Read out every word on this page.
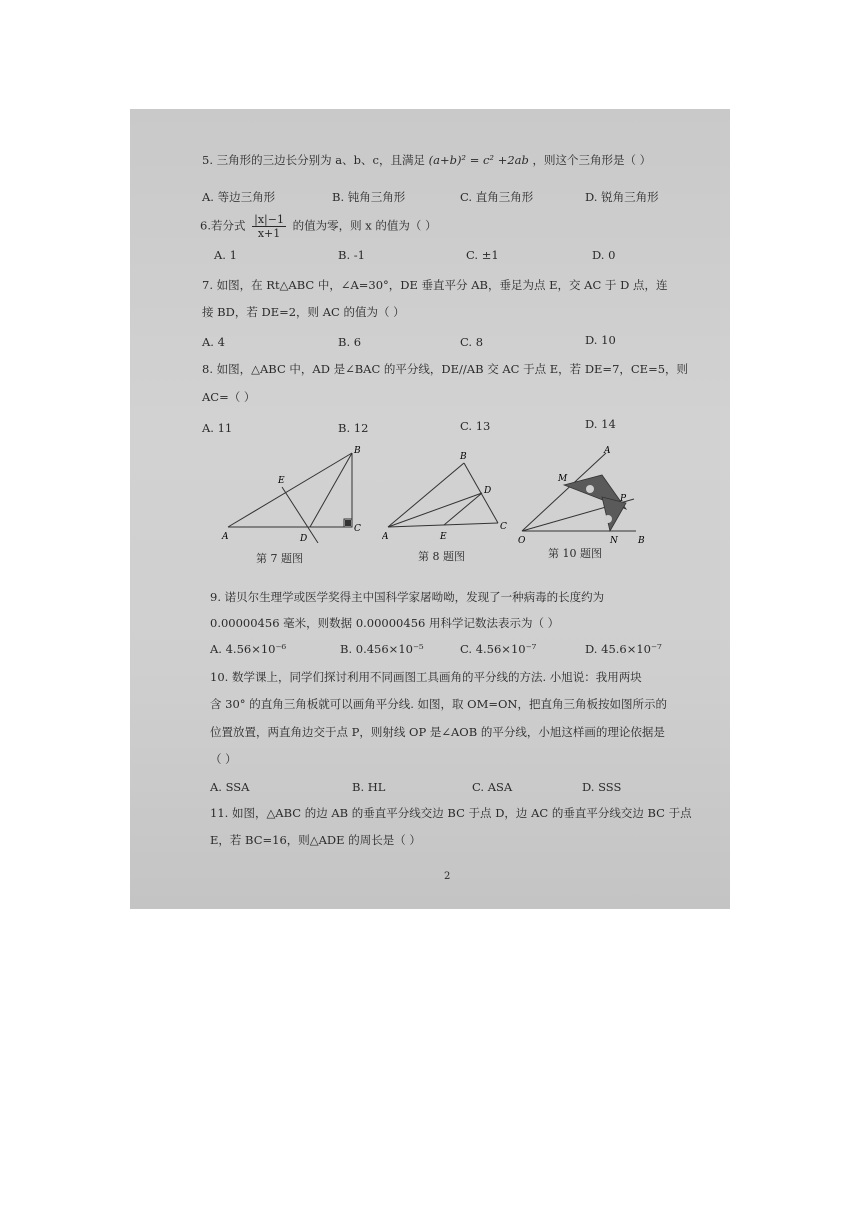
5. 三角形的三边长分别为 a、b、c，且满足 (a+b)² = c² +2ab ，则这个三角形是（ ）
A. 等边三角形	B. 钝角三角形	C. 直角三角形	D. 锐角三角形
6.若分式 $\frac{|x|-1}{x+1}$ 的值为零，则 x 的值为（ ）
A. 1	B. -1	C. ±1	D. 0
7. 如图，在 Rt△ABC 中，∠A=30°，DE 垂直平分 AB，垂足为点 E，交 AC 于 D 点，连
接 BD，若 DE=2，则 AC 的值为（ ）
A. 4	B. 6	C. 8	D. 10
8. 如图，△ABC 中，AD 是∠BAC 的平分线，DE//AB 交 AC 于点 E，若 DE=7，CE=5，则
AC=（ ）
A. 11	B. 12	C. 13	D. 14
A
B
C
D
E
第 7 题图
A
B
C
D
E
第 8 题图
O
A
B
M
N
P
第 10 题图
9. 诺贝尔生理学或医学奖得主中国科学家屠呦呦，发现了一种病毒的长度约为
0.00000456 毫米，则数据 0.00000456 用科学记数法表示为（ ）
A. 4.56×10⁻⁶	B. 0.456×10⁻⁵	C. 4.56×10⁻⁷	D. 45.6×10⁻⁷
10. 数学课上，同学们探讨利用不同画图工具画角的平分线的方法. 小旭说：我用两块
含 30° 的直角三角板就可以画角平分线. 如图，取 OM=ON，把直角三角板按如图所示的
位置放置，两直角边交于点 P，则射线 OP 是∠AOB 的平分线，小旭这样画的理论依据是
（ ）
A. SSA	B. HL	C. ASA	D. SSS
11. 如图，△ABC 的边 AB 的垂直平分线交边 BC 于点 D，边 AC 的垂直平分线交边 BC 于点
E，若 BC=16，则△ADE 的周长是（ ）
2
